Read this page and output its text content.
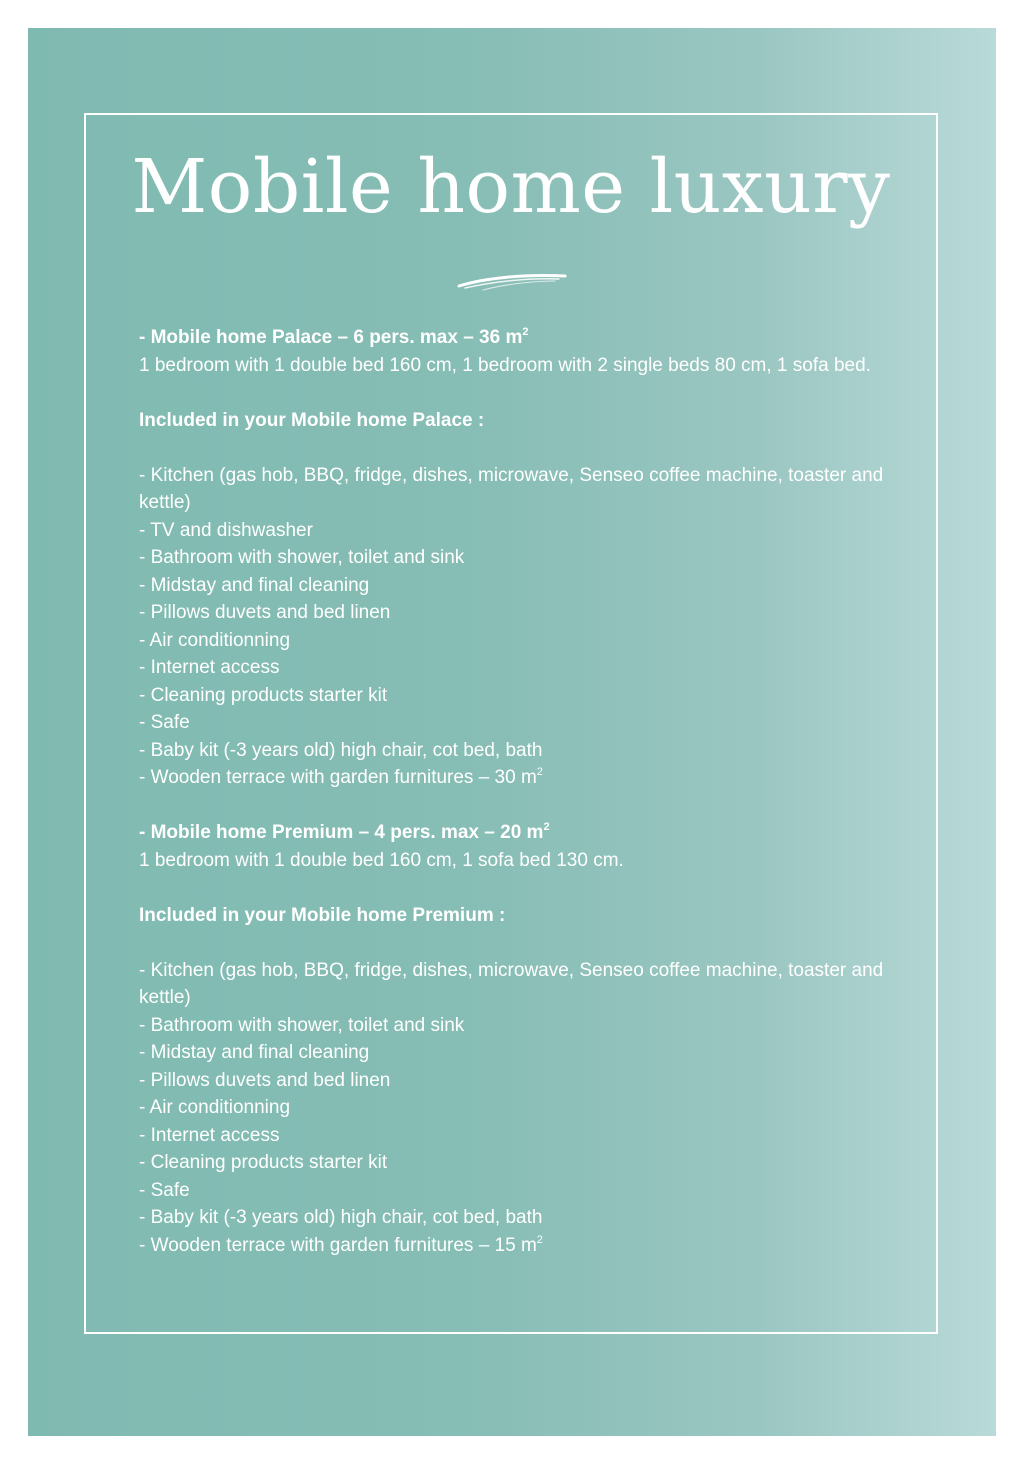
Mobile home luxury

- Mobile home Palace – 6 pers. max – 36 $m^2$

1 bedroom with 1 double bed 160 cm, 1 bedroom with 2 single beds 80 cm, 1 sofa bed.

Included in your Mobile home Palace :

- Kitchen (gas hob, BBQ, fridge, dishes, microwave, Senseo coffee machine, toaster and kettle)
- TV and dishwasher
- Bathroom with shower, toilet and sink
- Midstay and final cleaning
- Pillows duvets and bed linen
- Air conditionning
- Internet access
- Cleaning products starter kit
- Safe
- Baby kit (-3 years old) high chair, cot bed, bath
- Wooden terrace with garden furnitures – 30 $m^2$

- Mobile home Premium – 4 pers. max – 20 $m^2$

1 bedroom with 1 double bed 160 cm, 1 sofa bed 130 cm.

Included in your Mobile home Premium :

- Kitchen (gas hob, BBQ, fridge, dishes, microwave, Senseo coffee machine, toaster and kettle)
- Bathroom with shower, toilet and sink
- Midstay and final cleaning
- Pillows duvets and bed linen
- Air conditionning
- Internet access
- Cleaning products starter kit
- Safe
- Baby kit (-3 years old) high chair, cot bed, bath
- Wooden terrace with garden furnitures – 15 $m^2$
